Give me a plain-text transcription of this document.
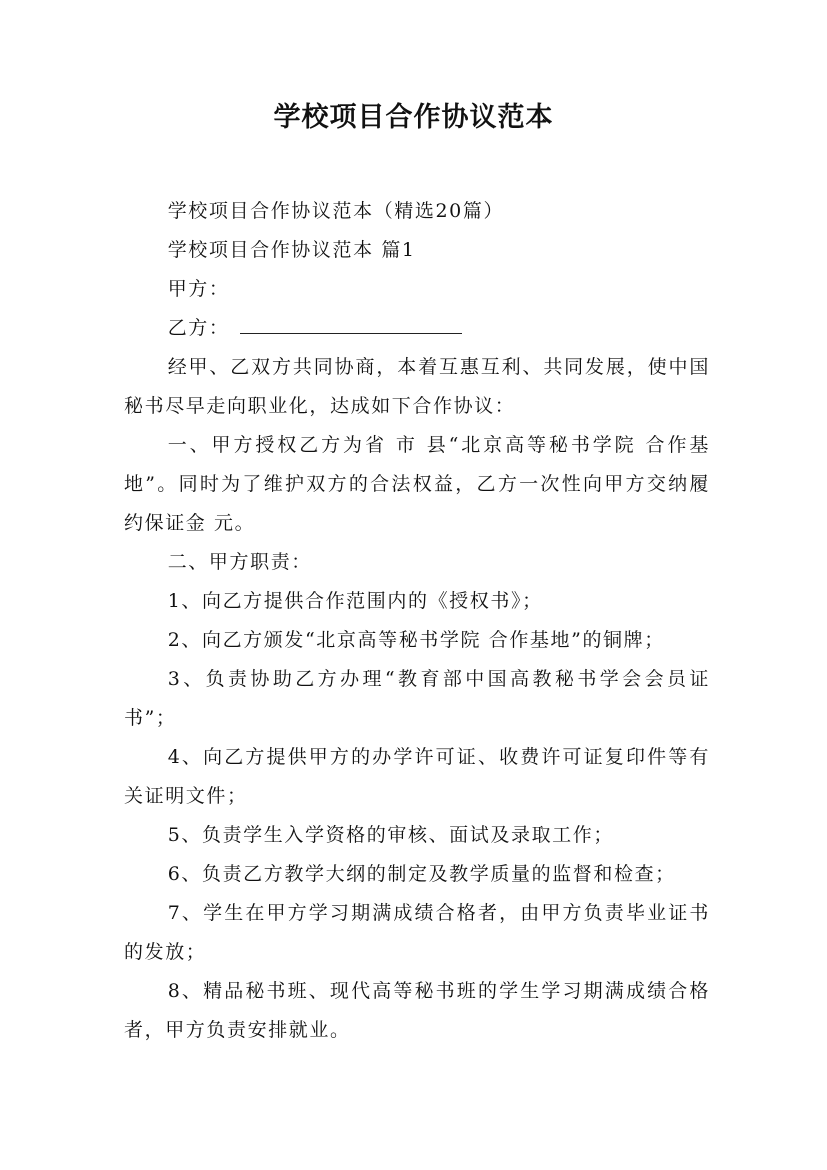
学校项目合作协议范本

学校项目合作协议范本（精选20篇）

学校项目合作协议范本 篇1

甲方：

乙方：

经甲、乙双方共同协商，本着互惠互利、共同发展，使中国秘书尽早走向职业化，达成如下合作协议：

一、甲方授权乙方为省 市 县“北京高等秘书学院 合作基地”。同时为了维护双方的合法权益，乙方一次性向甲方交纳履约保证金 元。

二、甲方职责：

1、向乙方提供合作范围内的《授权书》；

2、向乙方颁发“北京高等秘书学院 合作基地”的铜牌；

3、负责协助乙方办理“教育部中国高教秘书学会会员证书”；

4、向乙方提供甲方的办学许可证、收费许可证复印件等有关证明文件；

5、负责学生入学资格的审核、面试及录取工作；

6、负责乙方教学大纲的制定及教学质量的监督和检查；

7、学生在甲方学习期满成绩合格者，由甲方负责毕业证书的发放；

8、精品秘书班、现代高等秘书班的学生学习期满成绩合格者，甲方负责安排就业。
